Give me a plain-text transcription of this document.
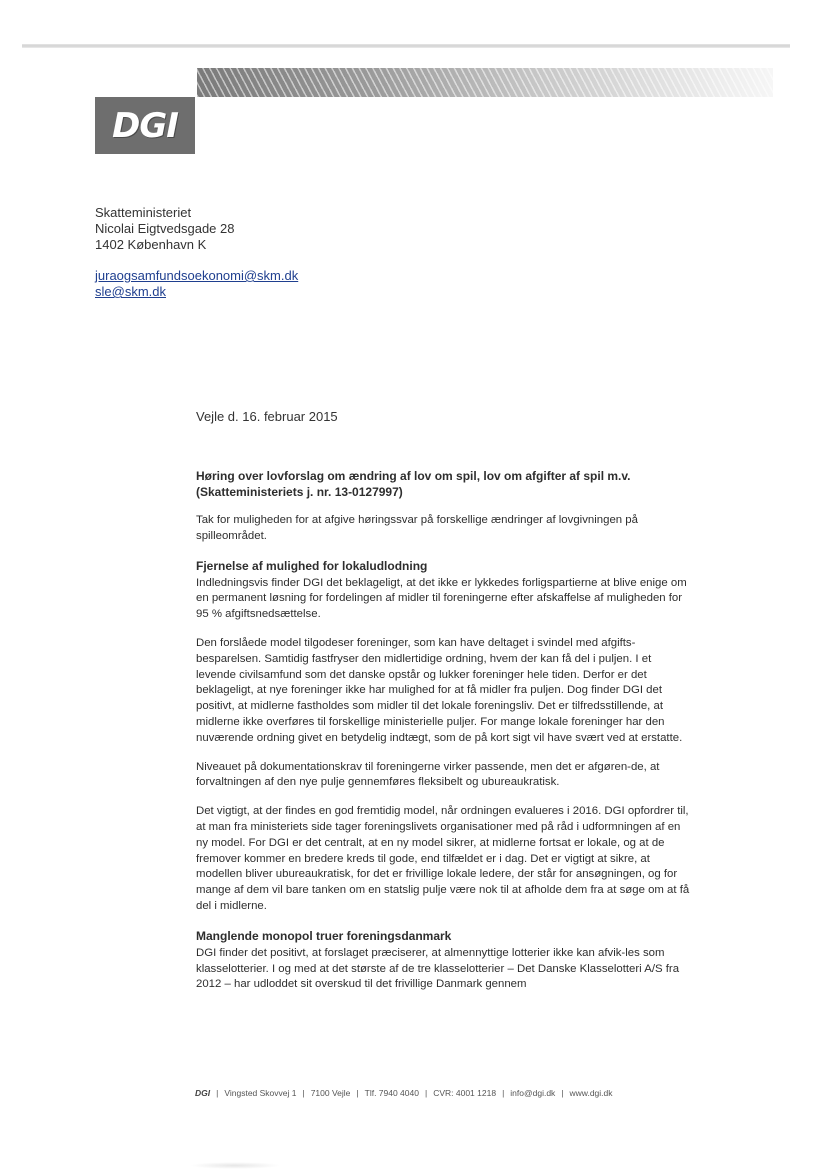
DGI
Skatteministeriet
Nicolai Eigtvedsgade 28
1402 København K
juraogsamfundsoekonomi@skm.dk
sle@skm.dk
Vejle d. 16. februar 2015
Høring over lovforslag om ændring af lov om spil, lov om afgifter af spil m.v.
(Skatteministeriets j. nr. 13-0127997)

Tak for muligheden for at afgive høringssvar på forskellige ændringer af lovgivningen på spilleområdet.

Fjernelse af mulighed for lokaludlodning

Indledningsvis finder DGI det beklageligt, at det ikke er lykkedes forligspartierne at blive enige om en permanent løsning for fordelingen af midler til foreningerne efter afskaffelse af muligheden for 95 % afgiftsnedsættelse.

Den forslåede model tilgodeser foreninger, som kan have deltaget i svindel med afgifts-besparelsen. Samtidig fastfryser den midlertidige ordning, hvem der kan få del i puljen. I et levende civilsamfund som det danske opstår og lukker foreninger hele tiden. Derfor er det beklageligt, at nye foreninger ikke har mulighed for at få midler fra puljen. Dog finder DGI det positivt, at midlerne fastholdes som midler til det lokale foreningsliv. Det er tilfredsstillende, at midlerne ikke overføres til forskellige ministerielle puljer. For mange lokale foreninger har den nuværende ordning givet en betydelig indtægt, som de på kort sigt vil have svært ved at erstatte.

Niveauet på dokumentationskrav til foreningerne virker passende, men det er afgøren-de, at forvaltningen af den nye pulje gennemføres fleksibelt og ubureaukratisk.

Det vigtigt, at der findes en god fremtidig model, når ordningen evalueres i 2016. DGI opfordrer til, at man fra ministeriets side tager foreningslivets organisationer med på råd i udformningen af en ny model. For DGI er det centralt, at en ny model sikrer, at midlerne fortsat er lokale, og at de fremover kommer en bredere kreds til gode, end tilfældet er i dag. Det er vigtigt at sikre, at modellen bliver ubureaukratisk, for det er frivillige lokale ledere, der står for ansøgningen, og for mange af dem vil bare tanken om en statslig pulje være nok til at afholde dem fra at søge om at få del i midlerne.

Manglende monopol truer foreningsdanmark

DGI finder det positivt, at forslaget præciserer, at almennyttige lotterier ikke kan afvik-les som klasselotterier. I og med at det største af de tre klasselotterier – Det Danske Klasselotteri A/S fra 2012 – har udloddet sit overskud til det frivillige Danmark gennem

DGI | Vingsted Skovvej 1 | 7100 Vejle | Tlf. 7940 4040 | CVR: 4001 1218 | info@dgi.dk | www.dgi.dk
